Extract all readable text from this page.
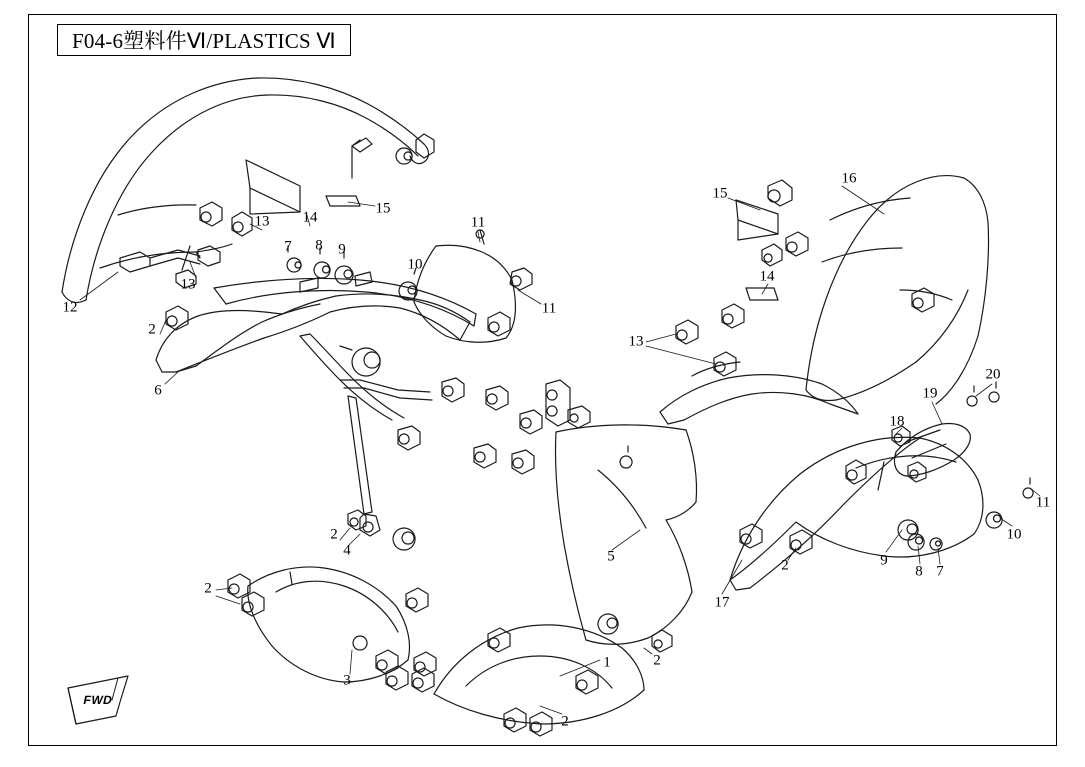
F04-6塑料件Ⅵ/PLASTICS Ⅵ
12
13
13 14
15
7 8 9
10
11
11
2
6
2
4
2
3
1
2
2
5
15
16
14
13
17
2	9
8 7
10
11
18
19
20
FWD
